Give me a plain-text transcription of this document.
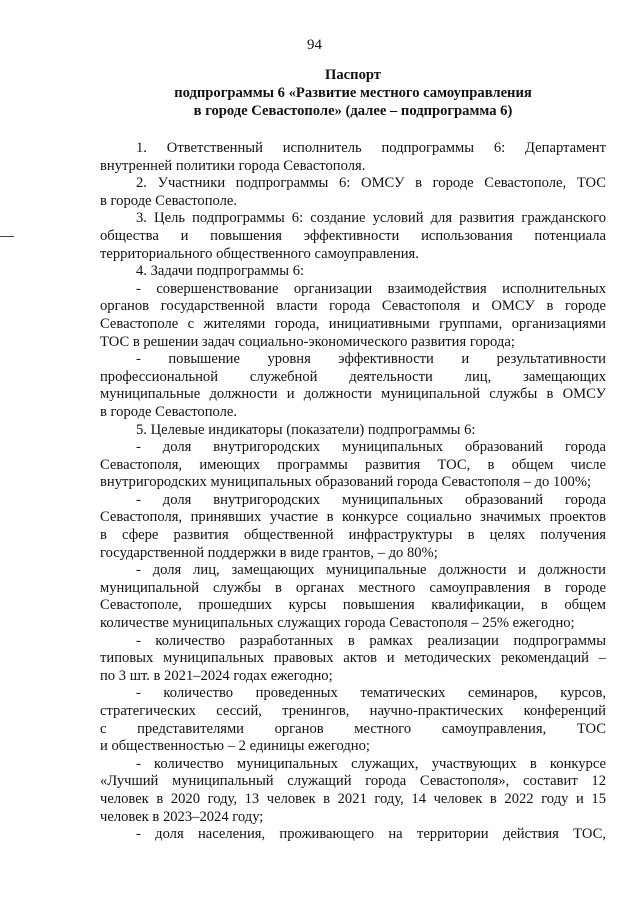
94
Паспорт
подпрограммы 6 «Развитие местного самоуправления
в городе Севастополе» (далее – подпрограмма 6)
1. Ответственный исполнитель подпрограммы 6: Департамент
внутренней политики города Севастополя.
2. Участники подпрограммы 6: ОМСУ в городе Севастополе, ТОС
в городе Севастополе.
3. Цель подпрограммы 6: создание условий для развития гражданского
общества и повышения эффективности использования потенциала
территориального общественного самоуправления.
4. Задачи подпрограммы 6:
- совершенствование организации взаимодействия исполнительных
органов государственной власти города Севастополя и ОМСУ в городе
Севастополе с жителями города, инициативными группами, организациями
ТОС в решении задач социально-экономического развития города;
- повышение уровня эффективности и результативности
профессиональной служебной деятельности лиц, замещающих
муниципальные должности и должности муниципальной службы в ОМСУ
в городе Севастополе.
5. Целевые индикаторы (показатели) подпрограммы 6:
- доля внутригородских муниципальных образований города
Севастополя, имеющих программы развития ТОС, в общем числе
внутригородских муниципальных образований города Севастополя – до 100%;
- доля внутригородских муниципальных образований города
Севастополя, принявших участие в конкурсе социально значимых проектов
в сфере развития общественной инфраструктуры в целях получения
государственной поддержки в виде грантов, – до 80%;
- доля лиц, замещающих муниципальные должности и должности
муниципальной службы в органах местного самоуправления в городе
Севастополе, прошедших курсы повышения квалификации, в общем
количестве муниципальных служащих города Севастополя – 25% ежегодно;
- количество разработанных в рамках реализации подпрограммы
типовых муниципальных правовых актов и методических рекомендаций –
по 3 шт. в 2021–2024 годах ежегодно;
- количество проведенных тематических семинаров, курсов,
стратегических сессий, тренингов, научно-практических конференций
с представителями органов местного самоуправления, ТОС
и общественностью – 2 единицы ежегодно;
- количество муниципальных служащих, участвующих в конкурсе
«Лучший муниципальный служащий города Севастополя», составит 12
человек в 2020 году, 13 человек в 2021 году, 14 человек в 2022 году и 15
человек в 2023–2024 году;
- доля населения, проживающего на территории действия ТОС,
